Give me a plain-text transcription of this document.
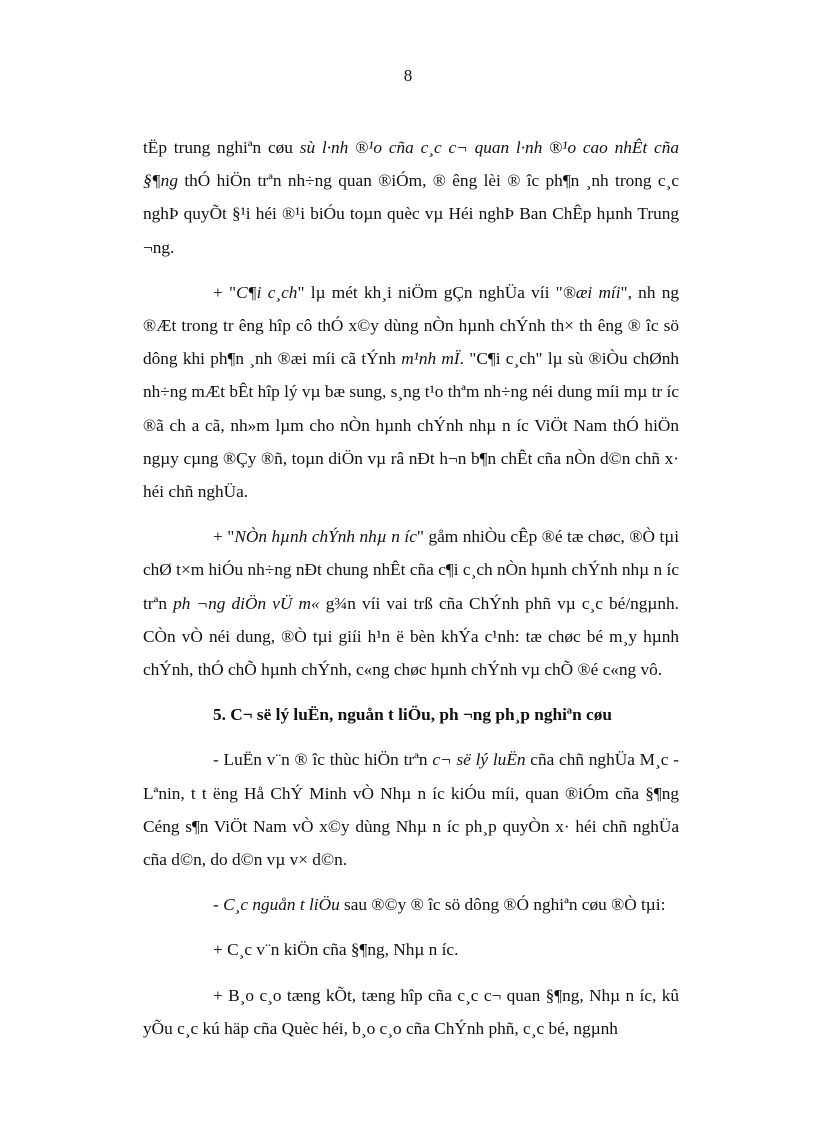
8

tËp trung nghiªn cøu sù l·nh ®¹o cña c¸c c¬ quan l·nh ®¹o cao nhÊt cña §¶ng thÓ hiÖn trªn nh÷ng quan ®iÓm, ® êng lèi ® îc ph¶n ¸nh trong c¸c nghÞ quyÕt §¹i héi ®¹i biÓu toµn quèc vµ Héi nghÞ Ban ChÊp hµnh Trung ¬ng.

+ "C¶i c¸ch" lµ mét kh¸i niÖm gÇn nghÜa víi "®æi míi", nh ng ®Æt trong tr êng hîp cô thÓ x©y dùng nÒn hµnh chÝnh th× th êng ® îc sö dông khi ph¶n ¸nh ®æi míi cã tÝnh m¹nh mÏ. "C¶i c¸ch" lµ sù ®iÒu chØnh nh÷ng mÆt bÊt hîp lý vµ bæ sung, s¸ng t¹o thªm nh÷ng néi dung míi mµ tr íc ®ã ch a cã, nh»m lµm cho nÒn hµnh chÝnh nhµ n íc ViÖt Nam thÓ hiÖn ngµy cµng ®Çy ®ñ, toµn diÖn vµ râ nÐt h¬n b¶n chÊt cña nÒn d©n chñ x· héi chñ nghÜa.

+ "NÒn hµnh chÝnh nhµ n íc" gåm nhiÒu cÊp ®é tæ chøc, ®Ò tµi chØ t×m hiÓu nh÷ng nÐt chung nhÊt cña c¶i c¸ch nÒn hµnh chÝnh nhµ n íc trªn ph ¬ng diÖn vÜ m« g¾n víi vai trß cña ChÝnh phñ vµ c¸c bé/ngµnh. CÒn vÒ néi dung, ®Ò tµi giíi h¹n ë bèn khÝa c¹nh: tæ chøc bé m¸y hµnh chÝnh, thÓ chÕ hµnh chÝnh, c«ng chøc hµnh chÝnh vµ chÕ ®é c«ng vô.

5. C¬ së lý luËn, nguån t liÖu, ph ¬ng ph¸p nghiªn cøu

- LuËn v¨n ® îc thùc hiÖn trªn c¬ së lý luËn cña chñ nghÜa M¸c - Lªnin, t t ëng Hå ChÝ Minh vÒ Nhµ n íc kiÓu míi, quan ®iÓm cña §¶ng Céng s¶n ViÖt Nam vÒ x©y dùng Nhµ n íc ph¸p quyÒn x· héi chñ nghÜa cña d©n, do d©n vµ v× d©n.

- C¸c nguån t liÖu sau ®©y ® îc sö dông ®Ó nghiªn cøu ®Ò tµi:

+ C¸c v¨n kiÖn cña §¶ng, Nhµ n íc.

+ B¸o c¸o tæng kÕt, tæng hîp cña c¸c c¬ quan §¶ng, Nhµ n íc, kû yÕu c¸c kú häp cña Quèc héi, b¸o c¸o cña ChÝnh phñ, c¸c bé, ngµnh
